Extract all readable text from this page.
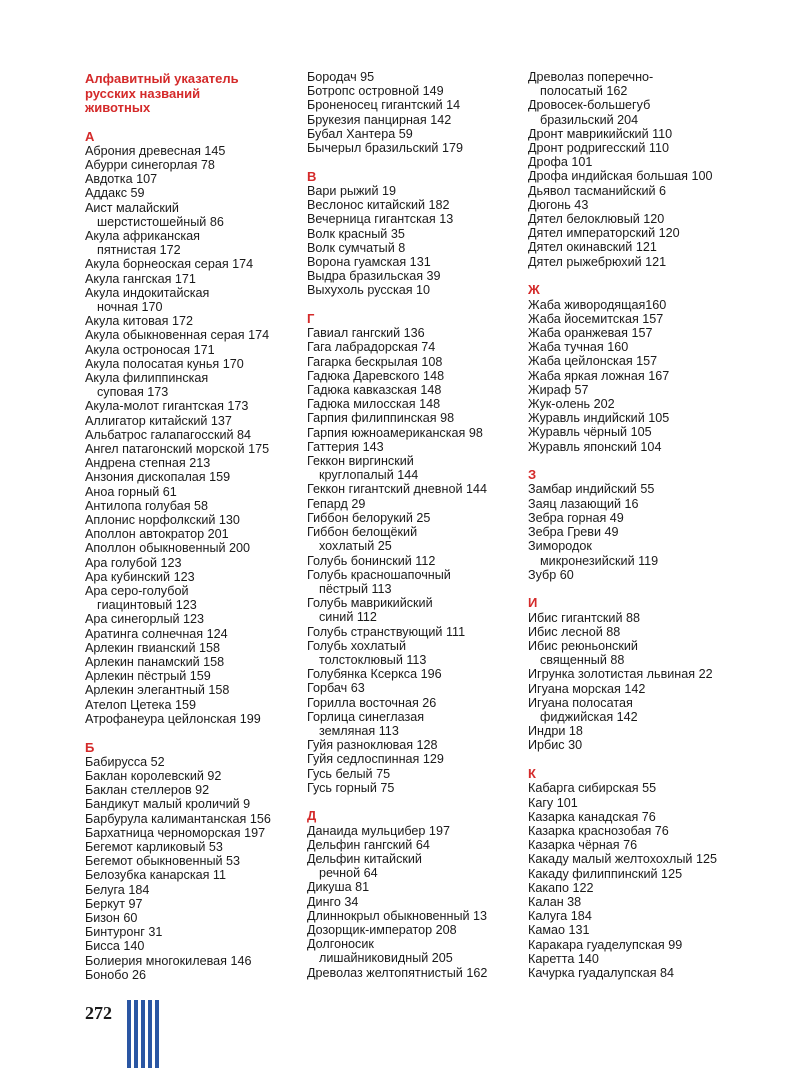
Алфавитный указатель
русских названий
животных
А
Аброния древесная 145
Абурри синегорлая 78
Авдотка 107
Аддакс 59
Аист малайский
шерстистошейный 86
Акула африканская
пятнистая 172
Акула борнеоская серая 174
Акула гангская 171
Акула индокитайская
ночная 170
Акула китовая 172
Акула обыкновенная серая 174
Акула остроносая 171
Акула полосатая кунья 170
Акула филиппинская
суповая 173
Акула-молот гигантская 173
Аллигатор китайский 137
Альбатрос галапагосский 84
Ангел патагонский морской 175
Андрена степная 213
Анзония дископалая 159
Аноа горный 61
Антилопа голубая 58
Аплонис норфолкский 130
Аполлон автократор 201
Аполлон обыкновенный 200
Ара голубой 123
Ара кубинский 123
Ара серо-голубой
гиацинтовый 123
Ара синегорлый 123
Аратинга солнечная 124
Арлекин гвианский 158
Арлекин панамский 158
Арлекин пёстрый 159
Арлекин элегантный 158
Ателоп Цетека 159
Атрофанеура цейлонская 199
Б
Бабирусса 52
Баклан королевский 92
Баклан стеллеров 92
Бандикут малый кроличий 9
Барбурула калимантанская 156
Бархатница черноморская 197
Бегемот карликовый 53
Бегемот обыкновенный 53
Белозубка канарская 11
Белуга 184
Беркут 97
Бизон 60
Бинтуронг 31
Бисса 140
Болиерия многокилевая 146
Бонобо 26
Бородач 95
Ботропс островной 149
Броненосец гигантский 14
Брукезия панцирная 142
Бубал Хантера 59
Бычерыл бразильский 179
В
Вари рыжий 19
Веслонос китайский 182
Вечерница гигантская 13
Волк красный 35
Волк сумчатый 8
Ворона гуамская 131
Выдра бразильская 39
Выхухоль русская 10
Г
Гавиал гангский 136
Гага лабрадорская 74
Гагарка бескрылая 108
Гадюка Даревского 148
Гадюка кавказская 148
Гадюка милосская 148
Гарпия филиппинская 98
Гарпия южноамериканская 98
Гаттерия 143
Геккон виргинский
круглопалый 144
Геккон гигантский дневной 144
Гепард 29
Гиббон белорукий 25
Гиббон белощёкий
хохлатый 25
Голубь бонинский 112
Голубь красношапочный
пёстрый 113
Голубь маврикийский
синий 112
Голубь странствующий 111
Голубь хохлатый
толстоклювый 113
Голубянка Ксеркса 196
Горбач 63
Горилла восточная 26
Горлица синеглазая
земляная 113
Гуйя разноклювая 128
Гуйя седлоспинная 129
Гусь белый 75
Гусь горный 75
Д
Данаида мульцибер 197
Дельфин гангский 64
Дельфин китайский
речной 64
Дикуша 81
Динго 34
Длиннокрыл обыкновенный 13
Дозорщик-император 208
Долгоносик
лишайниковидный 205
Древолаз желтопятнистый 162
Древолаз поперечно-
полосатый 162
Дровосек-большегуб
бразильский 204
Дронт маврикийский 110
Дронт родригесский 110
Дрофа 101
Дрофа индийская большая 100
Дьявол тасманийский 6
Дюгонь 43
Дятел белоклювый 120
Дятел императорский 120
Дятел окинавский 121
Дятел рыжебрюхий 121
Ж
Жаба живородящая160
Жаба йосемитская 157
Жаба оранжевая 157
Жаба тучная 160
Жаба цейлонская 157
Жаба яркая ложная 167
Жираф 57
Жук-олень 202
Журавль индийский 105
Журавль чёрный 105
Журавль японский 104
З
Замбар индийский 55
Заяц лазающий 16
Зебра горная 49
Зебра Греви 49
Зимородок
микронезийский 119
Зубр 60
И
Ибис гигантский 88
Ибис лесной 88
Ибис реюньонский
священный 88
Игрунка золотистая львиная 22
Игуана морская 142
Игуана полосатая
фиджийская 142
Индри 18
Ирбис 30
К
Кабарга сибирская 55
Кагу 101
Казарка канадская 76
Казарка краснозобая 76
Казарка чёрная 76
Какаду малый желтохохлый 125
Какаду филиппинский 125
Какапо 122
Калан 38
Калуга 184
Камао 131
Каракара гуаделупская 99
Каретта 140
Качурка гуадалупская 84
272
